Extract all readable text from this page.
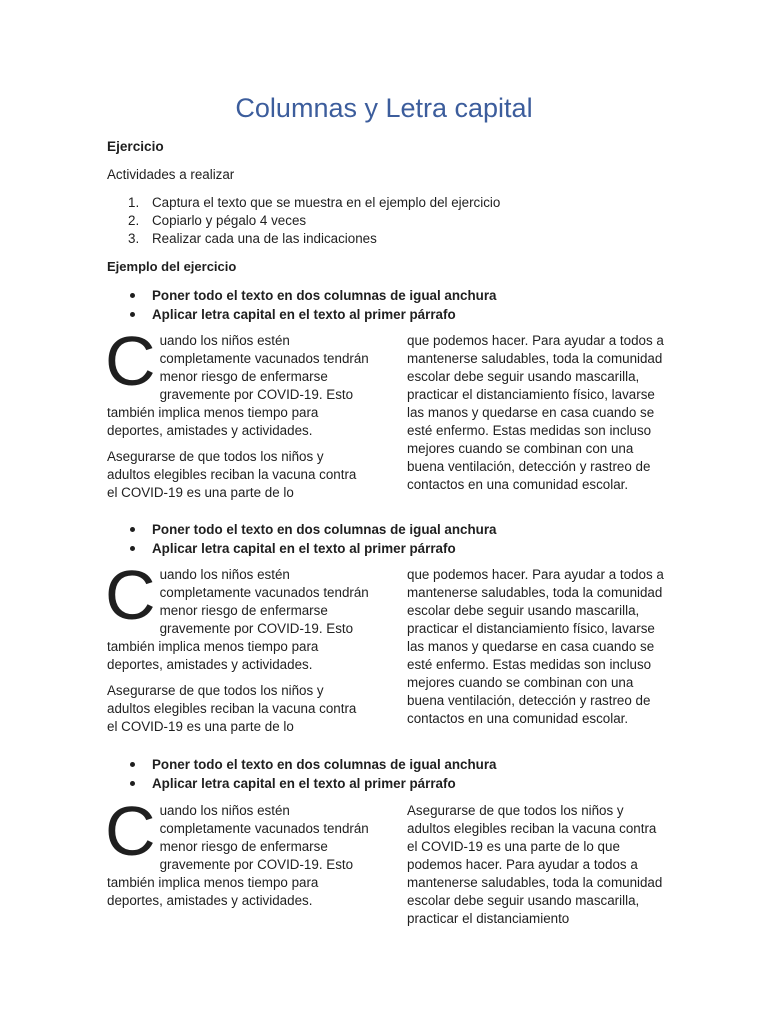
Columnas y Letra capital
Ejercicio
Actividades a realizar
1. Captura el texto que se muestra en el ejemplo del ejercicio
2. Copiarlo y pégalo 4 veces
3. Realizar cada una de las indicaciones
Ejemplo del ejercicio
Poner todo el texto en dos columnas de igual anchura
Aplicar letra capital en el texto al primer párrafo

Cuando los niños estén completamente vacunados tendrán menor riesgo de enfermarse gravemente por COVID-19. Esto también implica menos tiempo para deportes, amistades y actividades.

Asegurarse de que todos los niños y adultos elegibles reciban la vacuna contra el COVID-19 es una parte de lo

que podemos hacer. Para ayudar a todos a mantenerse saludables, toda la comunidad escolar debe seguir usando mascarilla, practicar el distanciamiento físico, lavarse las manos y quedarse en casa cuando se esté enfermo. Estas medidas son incluso mejores cuando se combinan con una buena ventilación, detección y rastreo de contactos en una comunidad escolar.

Poner todo el texto en dos columnas de igual anchura
Aplicar letra capital en el texto al primer párrafo

Cuando los niños estén completamente vacunados tendrán menor riesgo de enfermarse gravemente por COVID-19. Esto también implica menos tiempo para deportes, amistades y actividades.

Asegurarse de que todos los niños y adultos elegibles reciban la vacuna contra el COVID-19 es una parte de lo

que podemos hacer. Para ayudar a todos a mantenerse saludables, toda la comunidad escolar debe seguir usando mascarilla, practicar el distanciamiento físico, lavarse las manos y quedarse en casa cuando se esté enfermo. Estas medidas son incluso mejores cuando se combinan con una buena ventilación, detección y rastreo de contactos en una comunidad escolar.

Poner todo el texto en dos columnas de igual anchura
Aplicar letra capital en el texto al primer párrafo

Cuando los niños estén completamente vacunados tendrán menor riesgo de enfermarse gravemente por COVID-19. Esto también implica menos tiempo para deportes, amistades y actividades.

Asegurarse de que todos los niños y adultos elegibles reciban la vacuna contra el COVID-19 es una parte de lo que podemos hacer. Para ayudar a todos a mantenerse saludables, toda la comunidad escolar debe seguir usando mascarilla, practicar el distanciamiento
